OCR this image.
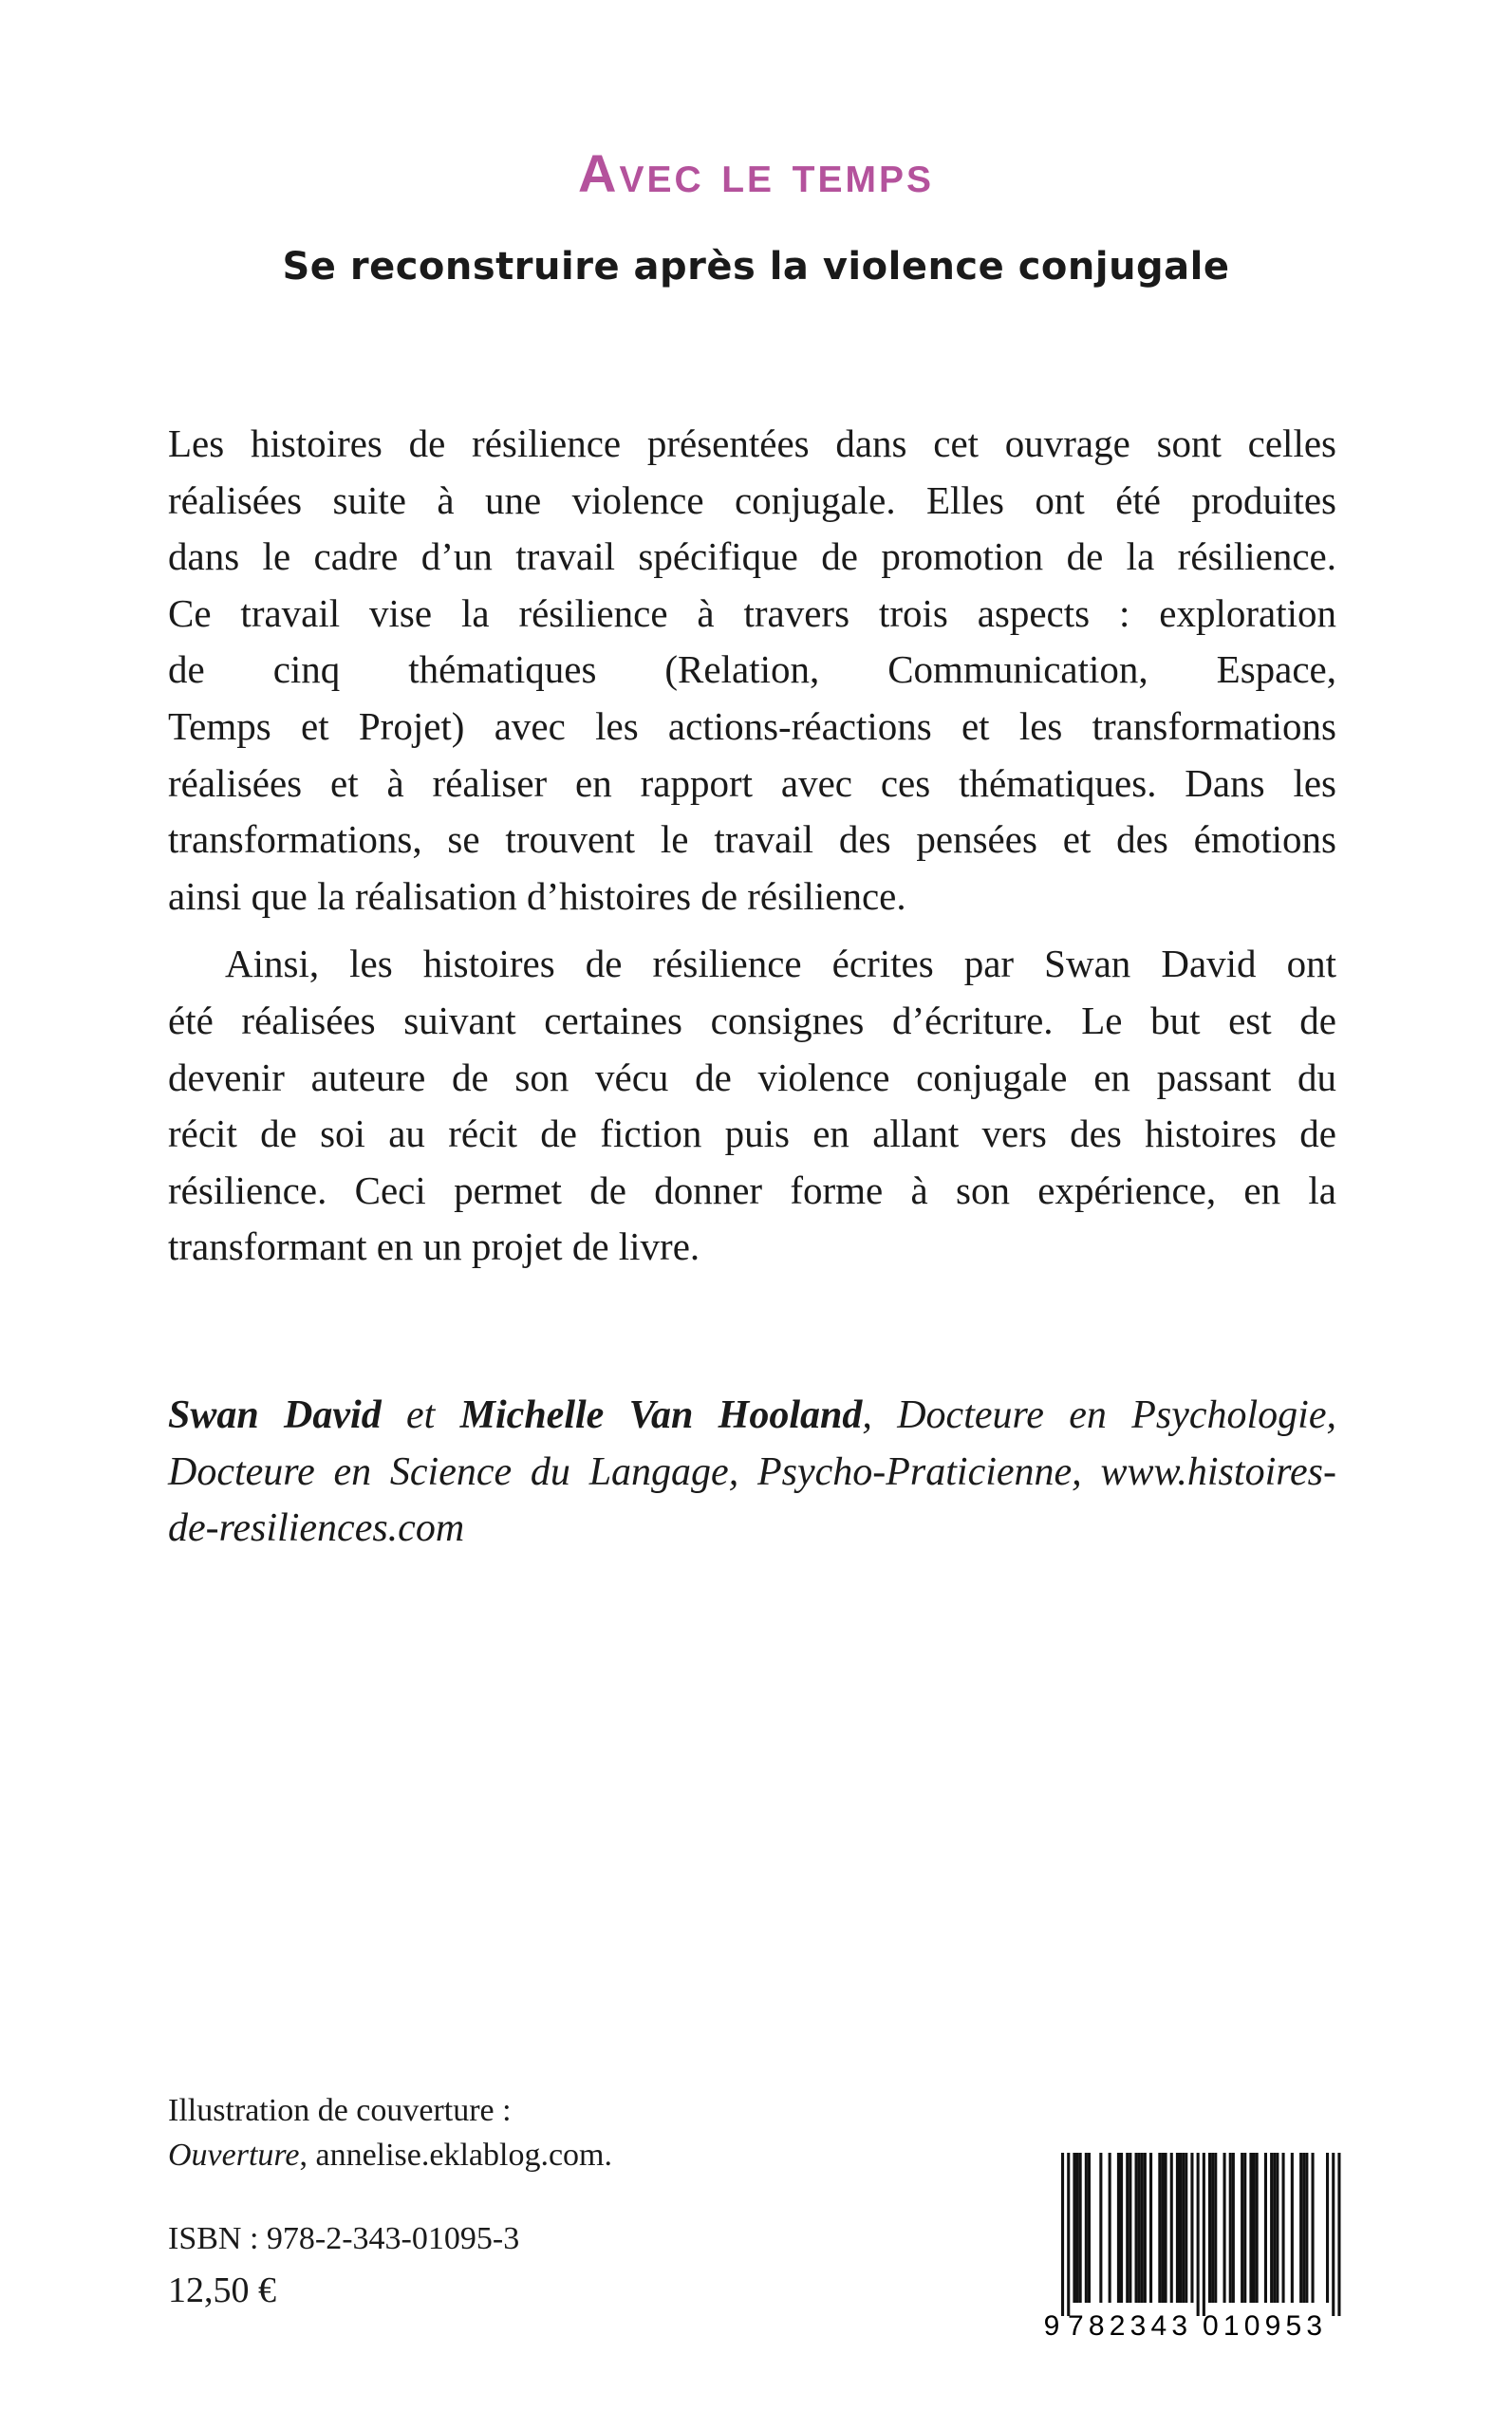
Avec le temps
Se reconstruire après la violence conjugale
Les histoires de résilience présentées dans cet ouvrage sont celles
réalisées suite à une violence conjugale. Elles ont été produites
dans le cadre d’un travail spécifique de promotion de la résilience.
Ce travail vise la résilience à travers trois aspects : exploration
de cinq thématiques (Relation, Communication, Espace,
Temps et Projet) avec les actions-réactions et les transformations
réalisées et à réaliser en rapport avec ces thématiques. Dans les
transformations, se trouvent le travail des pensées et des émotions
ainsi que la réalisation d’histoires de résilience.
Ainsi, les histoires de résilience écrites par Swan David ont
été réalisées suivant certaines consignes d’écriture. Le but est de
devenir auteure de son vécu de violence conjugale en passant du
récit de soi au récit de fiction puis en allant vers des histoires de
résilience. Ceci permet de donner forme à son expérience, en la
transformant en un projet de livre.
Swan David et Michelle Van Hooland, Docteure en Psychologie,
Docteure en Science du Langage, Psycho-Praticienne, www.histoires-
de-resiliences.com
Illustration de couverture :
Ouverture, annelise.eklablog.com.
ISBN : 978-2-343-01095-3
12,50 €
9 782343 010953
